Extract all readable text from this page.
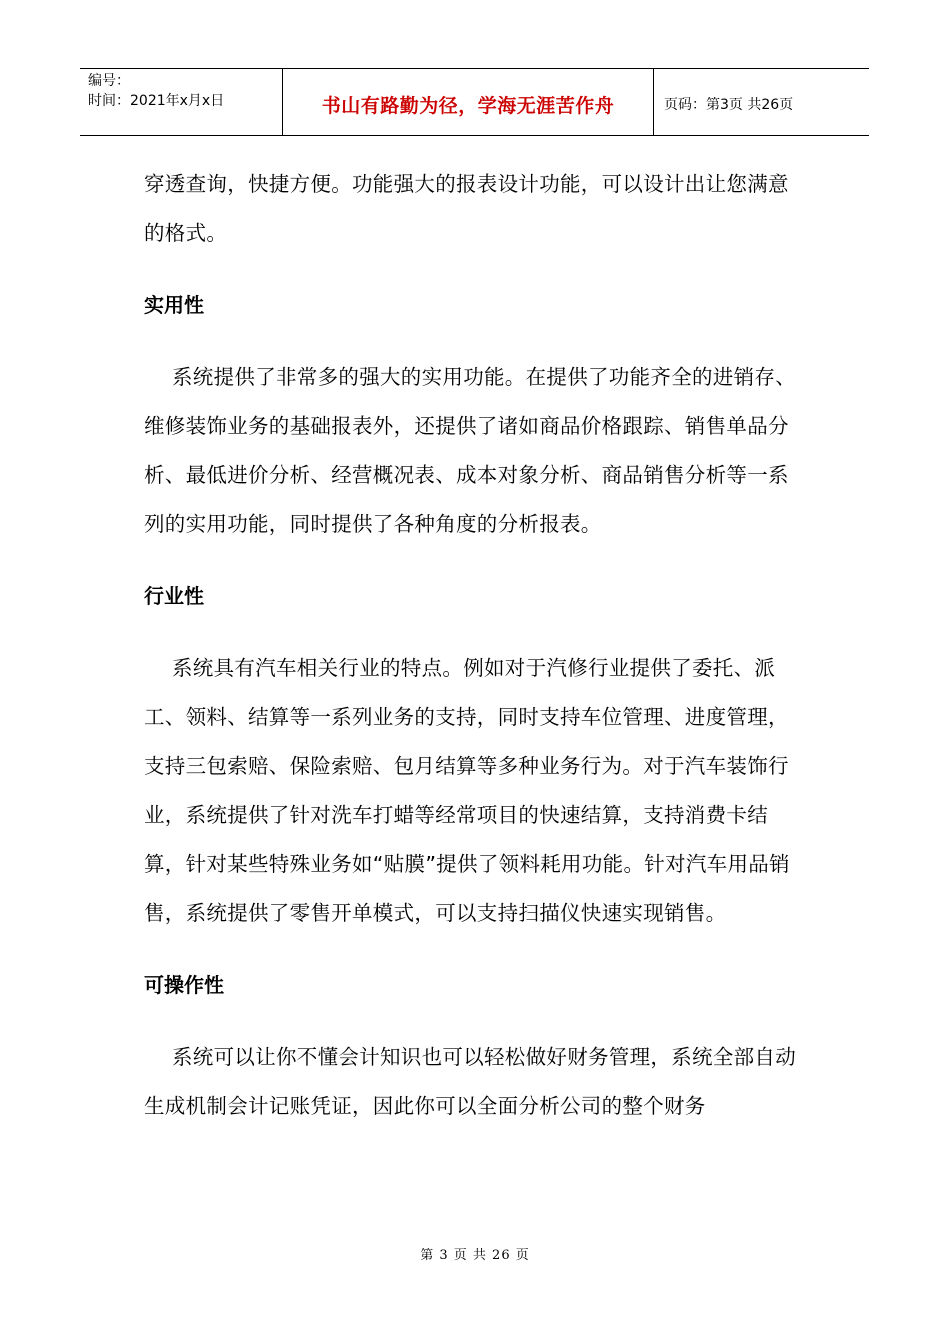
编号：
时间：2021年x月x日	书山有路勤为径，学海无涯苦作舟	页码：第3页 共26页

穿透查询，快捷方便。功能强大的报表设计功能，可以设计出让您满意的格式。

实用性

系统提供了非常多的强大的实用功能。在提供了功能齐全的进销存、维修装饰业务的基础报表外，还提供了诸如商品价格跟踪、销售单品分析、最低进价分析、经营概况表、成本对象分析、商品销售分析等一系列的实用功能，同时提供了各种角度的分析报表。

行业性

系统具有汽车相关行业的特点。例如对于汽修行业提供了委托、派工、领料、结算等一系列业务的支持，同时支持车位管理、进度管理，支持三包索赔、保险索赔、包月结算等多种业务行为。对于汽车装饰行业，系统提供了针对洗车打蜡等经常项目的快速结算，支持消费卡结算，针对某些特殊业务如“贴膜”提供了领料耗用功能。针对汽车用品销售，系统提供了零售开单模式，可以支持扫描仪快速实现销售。

可操作性

系统可以让你不懂会计知识也可以轻松做好财务管理，系统全部自动生成机制会计记账凭证，因此你可以全面分析公司的整个财务

第 3 页 共 26 页
